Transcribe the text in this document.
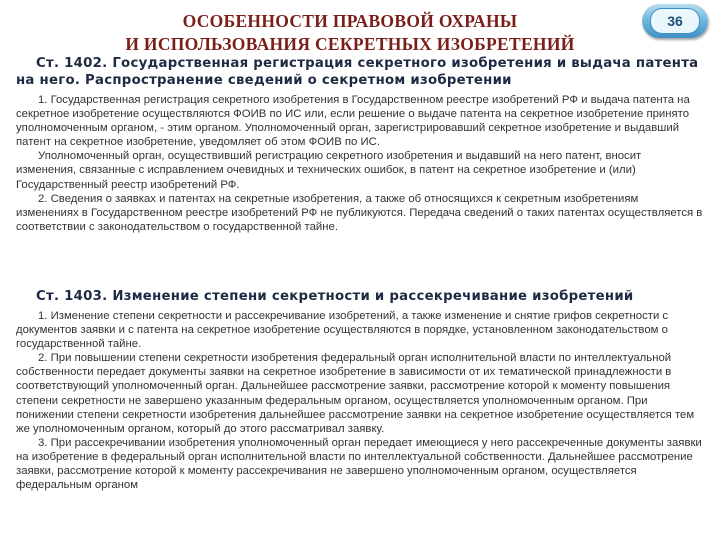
ОСОБЕННОСТИ ПРАВОВОЙ ОХРАНЫ
И ИСПОЛЬЗОВАНИЯ СЕКРЕТНЫХ ИЗОБРЕТЕНИЙ
36
Ст. 1402. Государственная регистрация секретного изобретения и выдача патента на него. Распространение сведений о секретном изобретении

1. Государственная регистрация секретного изобретения в Государственном реестре изобретений РФ и выдача патента на секретное изобретение осуществляются ФОИВ по ИС или, если решение о выдаче патента на секретное изобретение принято уполномоченным органом, - этим органом. Уполномоченный орган, зарегистрировавший секретное изобретение и выдавший патент на секретное изобретение, уведомляет об этом ФОИВ по ИС.

Уполномоченный орган, осуществивший регистрацию секретного изобретения и выдавший на него патент, вносит изменения, связанные с исправлением очевидных и технических ошибок, в патент на секретное изобретение и (или) Государственный реестр изобретений РФ.

2. Сведения о заявках и патентах на секретные изобретения, а также об относящихся к секретным изобретениям изменениях в Государственном реестре изобретений РФ не публикуются. Передача сведений о таких патентах осуществляется в соответствии с законодательством о государственной тайне.

Ст. 1403. Изменение степени секретности и рассекречивание изобретений

1. Изменение степени секретности и рассекречивание изобретений, а также изменение и снятие грифов секретности с документов заявки и с патента на секретное изобретение осуществляются в порядке, установленном законодательством о государственной тайне.

2. При повышении степени секретности изобретения федеральный орган исполнительной власти по интеллектуальной собственности передает документы заявки на секретное изобретение в зависимости от их тематической принадлежности в соответствующий уполномоченный орган. Дальнейшее рассмотрение заявки, рассмотрение которой к моменту повышения степени секретности не завершено указанным федеральным органом, осуществляется уполномоченным органом. При понижении степени секретности изобретения дальнейшее рассмотрение заявки на секретное изобретение осуществляется тем же уполномоченным органом, который до этого рассматривал заявку.

3. При рассекречивании изобретения уполномоченный орган передает имеющиеся у него рассекреченные документы заявки на изобретение в федеральный орган исполнительной власти по интеллектуальной собственности. Дальнейшее рассмотрение заявки, рассмотрение которой к моменту рассекречивания не завершено уполномоченным органом, осуществляется федеральным органом
